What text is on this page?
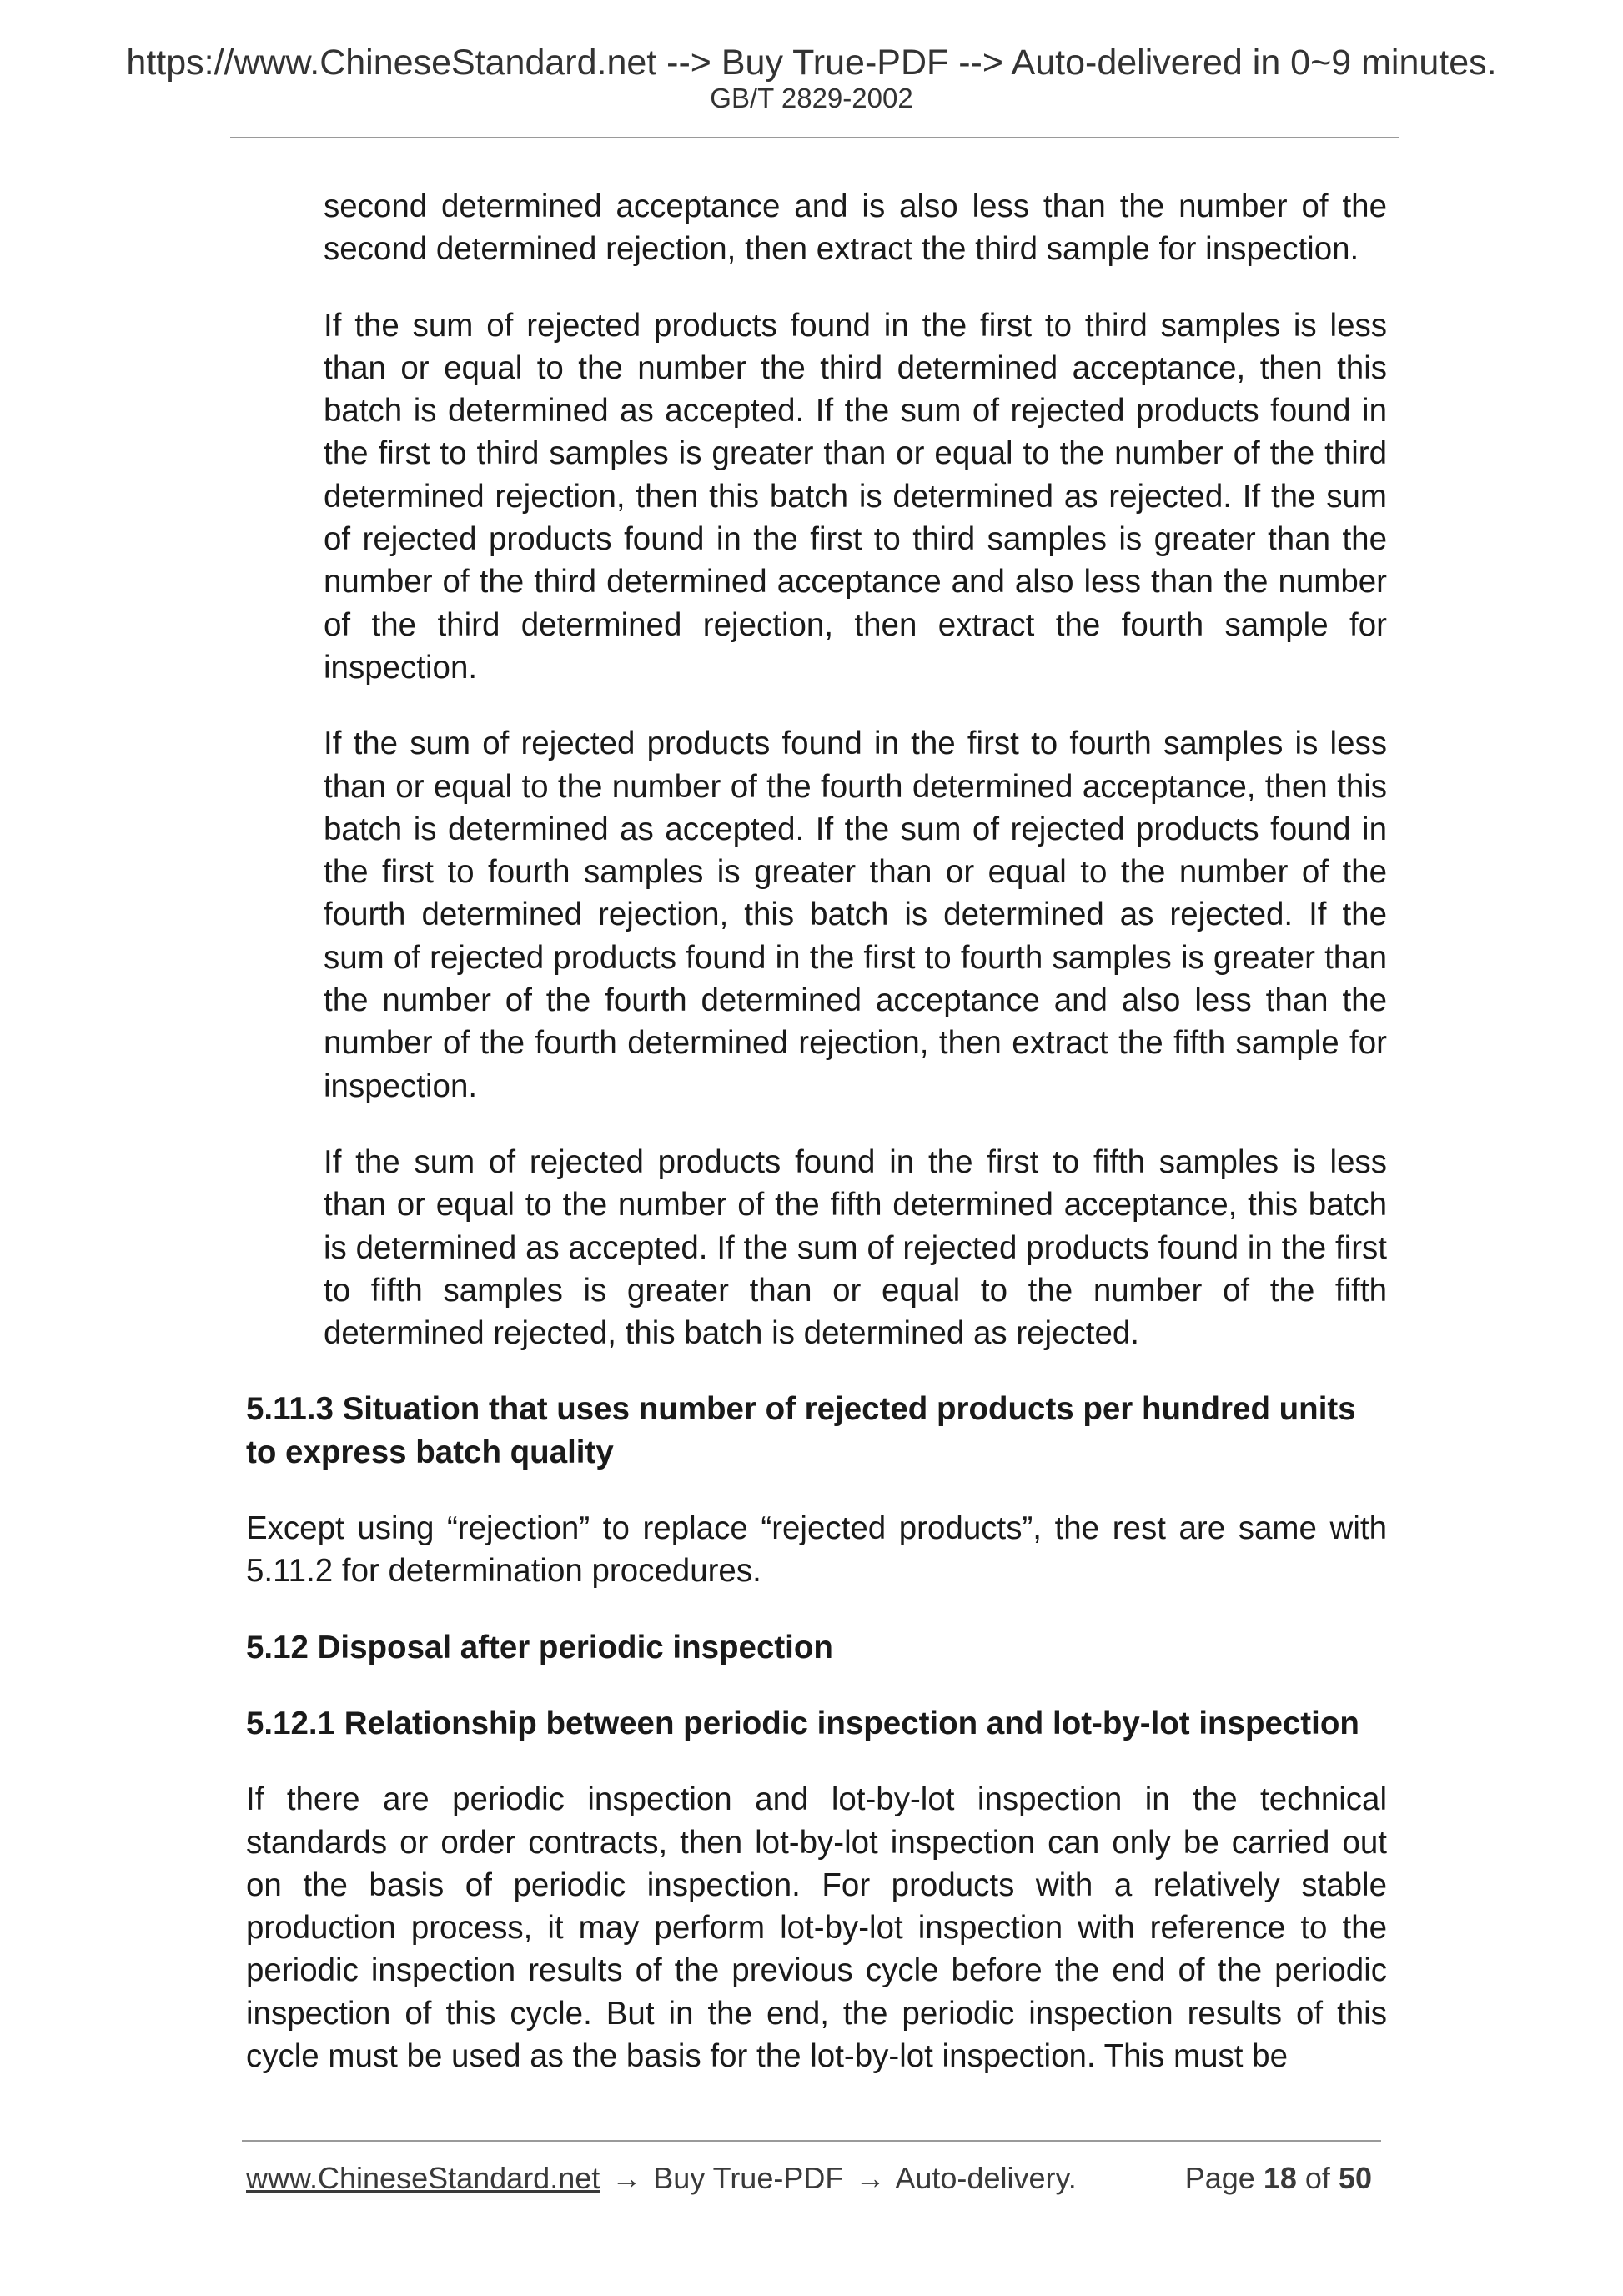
https://www.ChineseStandard.net --> Buy True-PDF --> Auto-delivered in 0~9 minutes.
GB/T 2829-2002

second determined acceptance and is also less than the number of the second determined rejection, then extract the third sample for inspection.

If the sum of rejected products found in the first to third samples is less than or equal to the number the third determined acceptance, then this batch is determined as accepted. If the sum of rejected products found in the first to third samples is greater than or equal to the number of the third determined rejection, then this batch is determined as rejected. If the sum of rejected products found in the first to third samples is greater than the number of the third determined acceptance and also less than the number of the third determined rejection, then extract the fourth sample for inspection.

If the sum of rejected products found in the first to fourth samples is less than or equal to the number of the fourth determined acceptance, then this batch is determined as accepted. If the sum of rejected products found in the first to fourth samples is greater than or equal to the number of the fourth determined rejection, this batch is determined as rejected. If the sum of rejected products found in the first to fourth samples is greater than the number of the fourth determined acceptance and also less than the number of the fourth determined rejection, then extract the fifth sample for inspection.

If the sum of rejected products found in the first to fifth samples is less than or equal to the number of the fifth determined acceptance, this batch is determined as accepted. If the sum of rejected products found in the first to fifth samples is greater than or equal to the number of the fifth determined rejected, this batch is determined as rejected.

5.11.3 Situation that uses number of rejected products per hundred units to express batch quality

Except using “rejection” to replace “rejected products”, the rest are same with 5.11.2 for determination procedures.

5.12 Disposal after periodic inspection

5.12.1 Relationship between periodic inspection and lot-by-lot inspection

If there are periodic inspection and lot-by-lot inspection in the technical standards or order contracts, then lot-by-lot inspection can only be carried out on the basis of periodic inspection. For products with a relatively stable production process, it may perform lot-by-lot inspection with reference to the periodic inspection results of the previous cycle before the end of the periodic inspection of this cycle. But in the end, the periodic inspection results of this cycle must be used as the basis for the lot-by-lot inspection. This must be

www.ChineseStandard.net → Buy True-PDF → Auto-delivery.	Page 18 of 50
